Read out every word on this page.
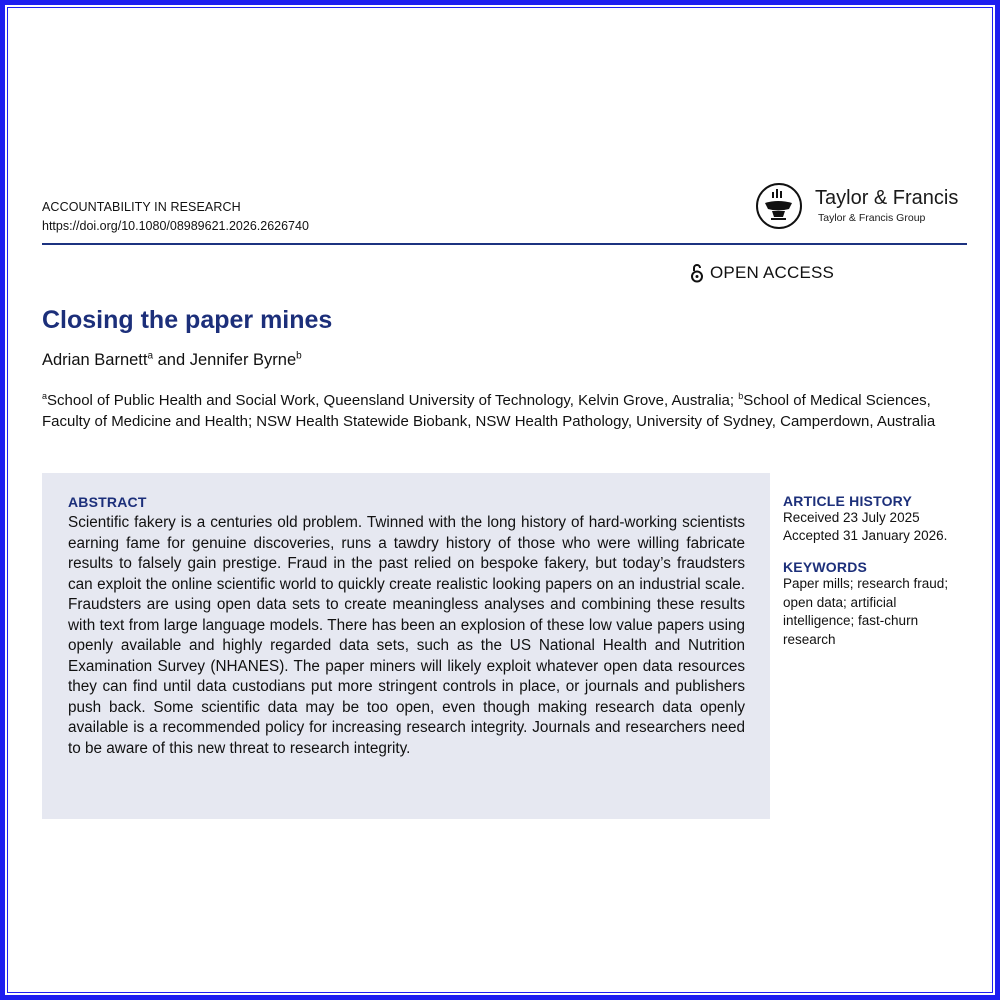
ACCOUNTABILITY IN RESEARCH
https://doi.org/10.1080/08989621.2026.2626740
Taylor & Francis
Taylor & Francis Group
OPEN ACCESS
Closing the paper mines
Adrian Barnett$^a$ and Jennifer Byrne$^b$
$^a$School of Public Health and Social Work, Queensland University of Technology, Kelvin Grove, Australia; $^b$School of Medical Sciences, Faculty of Medicine and Health; NSW Health Statewide Biobank, NSW Health Pathology, University of Sydney, Camperdown, Australia
ABSTRACT
Scientific fakery is a centuries old problem. Twinned with the long history of hard-working scientists earning fame for genuine discoveries, runs a tawdry history of those who were willing fabricate results to falsely gain prestige. Fraud in the past relied on bespoke fakery, but today’s fraudsters can exploit the online scientific world to quickly create realistic looking papers on an industrial scale. Fraudsters are using open data sets to create meaningless analyses and combining these results with text from large language models. There has been an explosion of these low value papers using openly available and highly regarded data sets, such as the US National Health and Nutrition Examination Survey (NHANES). The paper miners will likely exploit whatever open data resources they can find until data custodians put more stringent controls in place, or journals and publishers push back. Some scientific data may be too open, even though making research data openly available is a recommended policy for increasing research integrity. Journals and researchers need to be aware of this new threat to research integrity.
ARTICLE HISTORY
Received 23 July 2025
Accepted 31 January 2026.
KEYWORDS
Paper mills; research fraud; open data; artificial intelligence; fast-churn research
